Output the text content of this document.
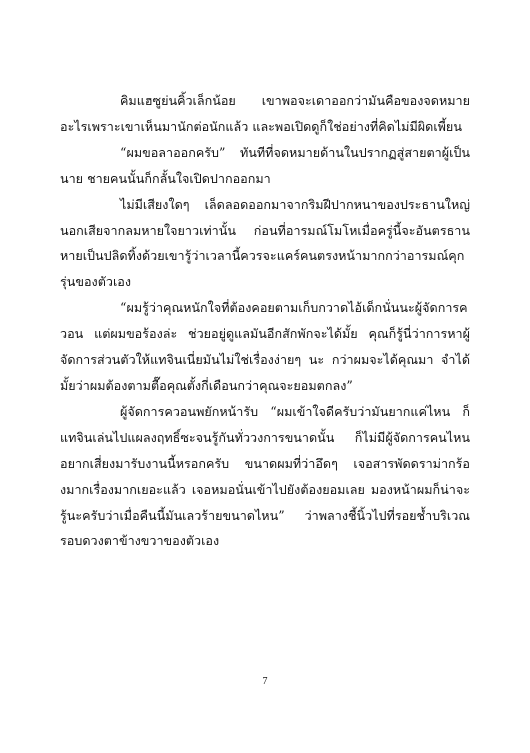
คิมแฮซูย่นคิ้วเล็กน้อย เขาพอจะเดาออกว่ามันคือของจดหมายอะไรเพราะเขาเห็นมานักต่อนักแล้ว และพอเปิดดูก็ใช่อย่างที่คิดไม่มีผิดเพี้ยน

“ผมขอลาออกครับ” ทันทีที่จดหมายด้านในปรากฏสู่สายตาผู้เป็นนาย ชายคนนั้นก็กลั้นใจเปิดปากออกมา

ไม่มีเสียงใดๆ เล็ดลอดออกมาจากริมฝีปากหนาของประธานใหญ่ นอกเสียจากลมหายใจยาวเท่านั้น ก่อนที่อารมณ์โมโหเมื่อครู่นี้จะอันตรธานหายเป็นปลิดทิ้งด้วยเขารู้ว่าเวลานี้ควรจะแคร์คนตรงหน้ามากกว่าอารมณ์คุกรุ่นของตัวเอง

“ผมรู้ว่าคุณหนักใจที่ต้องคอยตามเก็บกวาดไอ้เด็กนั่นนะผู้จัดการควอน แต่ผมขอร้องล่ะ ช่วยอยู่ดูแลมันอีกสักพักจะได้มั้ย คุณก็รู้นี่ว่าการหาผู้จัดการส่วนตัวให้แทจินเนี่ยมันไม่ใช่เรื่องง่ายๆ นะ กว่าผมจะได้คุณมา จำได้มั้ยว่าผมต้องตามตื๊อคุณตั้งกี่เดือนกว่าคุณจะยอมตกลง”

ผู้จัดการควอนพยักหน้ารับ “ผมเข้าใจดีครับว่ามันยากแค่ไหน ก็แทจินเล่นไปแผลงฤทธิ์ซะจนรู้กันทั่ววงการขนาดนั้น ก็ไม่มีผู้จัดการคนไหนอยากเสี่ยงมารับงานนี้หรอกครับ ขนาดผมที่ว่าอึดๆ เจอสารพัดดราม่ากร้องมากเรื่องมากเยอะแล้ว เจอหมอนั่นเข้าไปยังต้องยอมเลย มองหน้าผมก็น่าจะรู้นะครับว่าเมื่อคืนนี้มันเลวร้ายขนาดไหน” ว่าพลางชี้นิ้วไปที่รอยช้ำบริเวณรอบดวงตาข้างขวาของตัวเอง

7
